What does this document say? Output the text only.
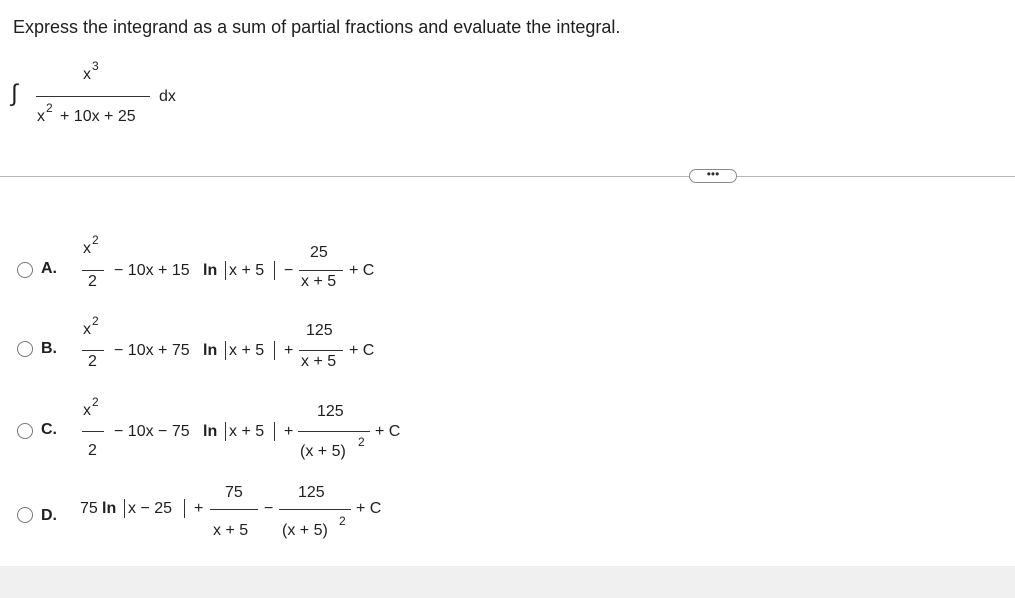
Express the integrand as a sum of partial fractions and evaluate the integral.
∫
x 3
x 2 + 10x + 25
dx
•••
A.
x 2
2
− 10x + 15 ln x + 5 −
25
x + 5
+ C
B.
x 2
2
− 10x + 75 ln x + 5 +
125
x + 5
+ C
C.
x 2
2
− 10x − 75 ln x + 5 +
125
(x + 5)
2
+ C
D. 75 ln x − 25 +
75
x + 5
−
125
(x + 5)
2
+ C
